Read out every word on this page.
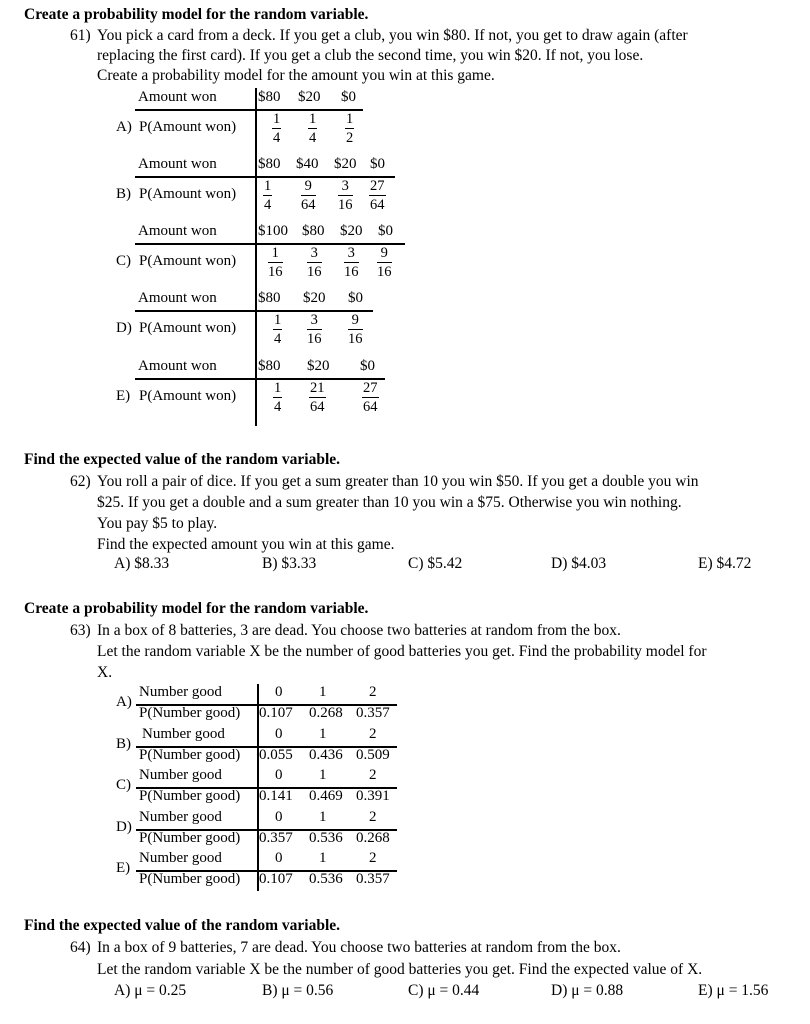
Create a probability model for the random variable.
61) You pick a card from a deck. If you get a club, you win $80. If not, you get to draw again (after
replacing the first card). If you get a club the second time, you win $20. If not, you lose.
Create a probability model for the amount you win at this game.
Amount won	$80 $20 $0
A) P(Amount $won) \frac{1}{4} \frac{1}{4} \frac{1}{2}$
Amount won	$80 $40 $20 $0
B) P(Amount $won) \frac{1}{4} \frac{9}{64} \frac{3}{16} \frac{27}{64}$
Amount won	$100 $80 $20 $0
C) P(Amount $won) \frac{1}{16} \frac{3}{16} \frac{3}{16} \frac{9}{16}$
Amount won	$80 $20 $0
D) P(Amount won)	$\frac{1}{4} \frac{3}{16} \frac{9}{16}$
Amount won	$80 $20 $0
E) P(Amount won)	$\frac{1}{4} \frac{21}{64}$	$\frac{27}{64}$
Find the expected value of the random variable.
62) You roll a pair of dice. If you get a sum greater than 10 you win $50. If you get a double you win
$25. If you get a double and a sum greater than 10 you win a $75. Otherwise you win nothing.
You pay $5 to play.
Find the expected amount you win at this game.
A) $8.33	B) $3.33	C) $5.42	D) $4.03	E) $4.72
Create a probability model for the random variable.
63) In a box of 8 batteries, 3 are dead. You choose two batteries at random from the box.
Let the random variable X be the number of good batteries you get. Find the probability model for
X.
A)
Number good	0 1	2
P(Number good) 0.107 0.268 0.357
B)
Number good	0 1	2
P(Number good) 0.055 0.436 0.509
C)
Number good	0 1	2
P(Number good) 0.141 0.469 0.391
D)
Number good	0 1	2
P(Number good) 0.357 0.536 0.268
E)
Number good	0 1	2
P(Number good) 0.107 0.536 0.357
Find the expected value of the random variable.
64) In a box of 9 batteries, 7 are dead. You choose two batteries at random from the box.
Let the random variable X be the number of good batteries you get. Find the expected value of X.
A) μ = 0.25	B) μ = 0.56	C) μ = 0.44	D) μ = 0.88	E) μ = 1.56
